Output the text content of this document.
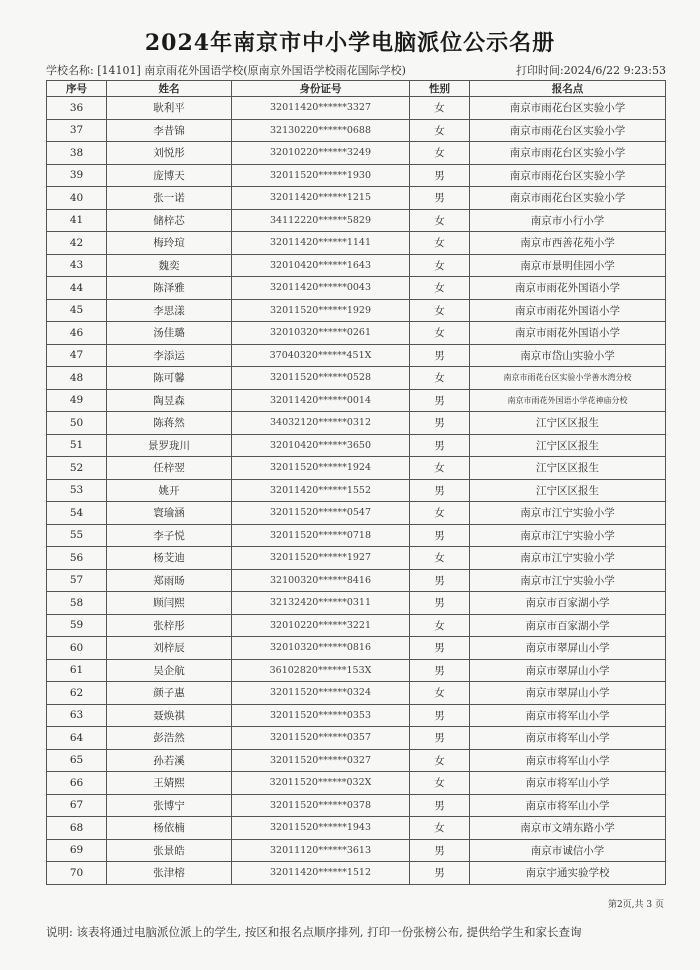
2024年南京市中小学电脑派位公示名册
学校名称: [14101] 南京雨花外国语学校(原南京外国语学校雨花国际学校)	打印时间:2024/6/22 9:23:53
序号	姓名	身份证号	性别	报名点
36	耿利平	32011420******3327	女	南京市雨花台区实验小学
37	李昔锦	32130220******0688	女	南京市雨花台区实验小学
38	刘悦彤	32010220******3249	女	南京市雨花台区实验小学
39	庞博天	32011520******1930	男	南京市雨花台区实验小学
40	张一诺	32011420******1215	男	南京市雨花台区实验小学
41	储梓芯	34112220******5829	女	南京市小行小学
42	梅玲瑄	32011420******1141	女	南京市西善花苑小学
43	魏奕	32010420******1643	女	南京市景明佳园小学
44	陈泽雅	32011420******0043	女	南京市雨花外国语小学
45	李思漾	32011520******1929	女	南京市雨花外国语小学
46	汤佳璐	32010320******0261	女	南京市雨花外国语小学
47	李添运	37040320******451X	男	南京市岱山实验小学
48	陈可馨	32011520******0528	女	南京市雨花台区实验小学善水湾分校
49	陶昱森	32011420******0014	男	南京市雨花外国语小学花神庙分校
50	陈蒋然	34032120******0312	男	江宁区区报生
51	景罗珑川	32010420******3650	男	江宁区区报生
52	任梓翌	32011520******1924	女	江宁区区报生
53	姚开	32011420******1552	男	江宁区区报生
54	寰瑜涵	32011520******0547	女	南京市江宁实验小学
55	李子悦	32011520******0718	男	南京市江宁实验小学
56	杨芠迪	32011520******1927	女	南京市江宁实验小学
57	郑雨旸	32100320******8416	男	南京市江宁实验小学
58	顾闫熙	32132420******0311	男	南京市百家湖小学
59	张梓彤	32010220******3221	女	南京市百家湖小学
60	刘梓辰	32010320******0816	男	南京市翠屏山小学
61	吴企航	36102820******153X	男	南京市翠屏山小学
62	颜子惠	32011520******0324	女	南京市翠屏山小学
63	聂焕祺	32011520******0353	男	南京市将军山小学
64	彭浩然	32011520******0357	男	南京市将军山小学
65	孙若溪	32011520******0327	女	南京市将军山小学
66	王婧熙	32011520******032X	女	南京市将军山小学
67	张博宁	32011520******0378	男	南京市将军山小学
68	杨依楠	32011520******1943	女	南京市文靖东路小学
69	张景皓	32011120******3613	男	南京市诚信小学
70	张津榕	32011420******1512	男	南京宇通实验学校
第2页,共 3 页
说明: 该表将通过电脑派位派上的学生, 按区和报名点顺序排列, 打印一份张榜公布, 提供给学生和家长查询
